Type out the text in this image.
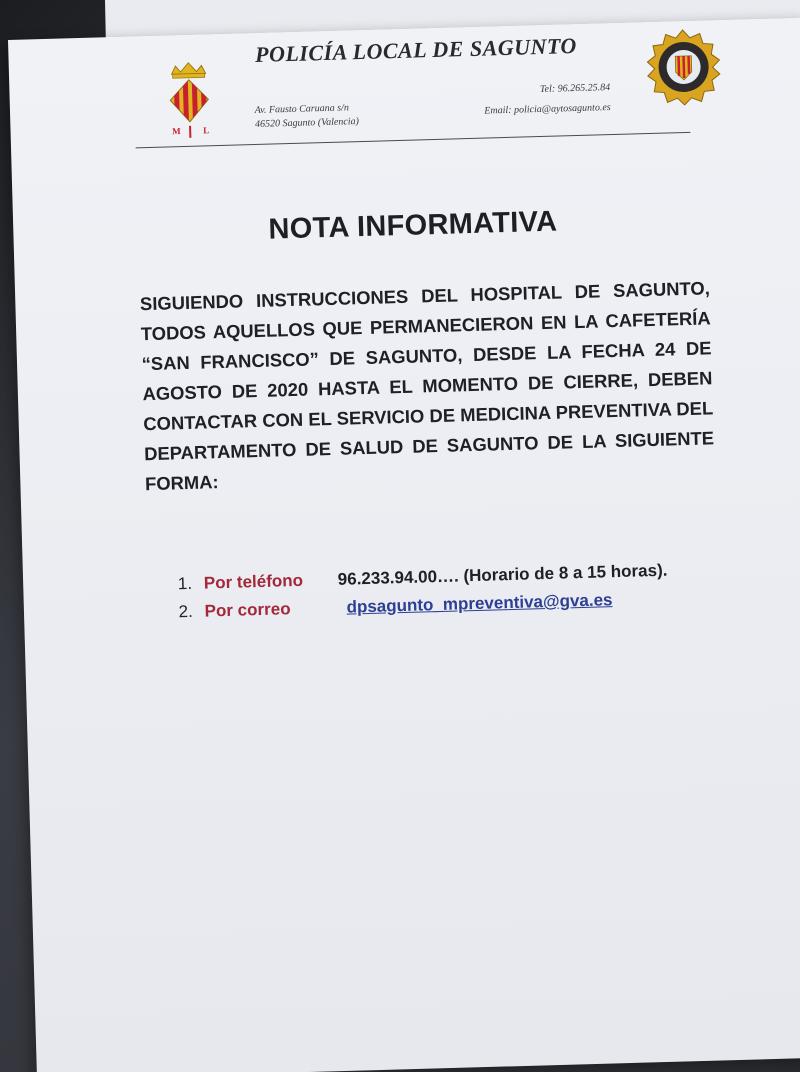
M L
POLICÍA LOCAL DE SAGUNTO
Av. Fausto Caruana s/n
46520 Sagunto (Valencia)
Tel: 96.265.25.84
Email: policia@aytosagunto.es
NOTA INFORMATIVA
SIGUIENDO INSTRUCCIONES DEL HOSPITAL DE SAGUNTO, TODOS AQUELLOS QUE PERMANECIERON EN LA CAFETERÍA “SAN FRANCISCO” DE SAGUNTO, DESDE LA FECHA 24 DE AGOSTO DE 2020 HASTA EL MOMENTO DE CIERRE, DEBEN CONTACTAR CON EL SERVICIO DE MEDICINA PREVENTIVA DEL DEPARTAMENTO DE SALUD DE SAGUNTO DE LA SIGUIENTE FORMA:
1. Por teléfono 96.233.94.00…. (Horario de 8 a 15 horas).
2. Por correo	dpsagunto_mpreventiva@gva.es
